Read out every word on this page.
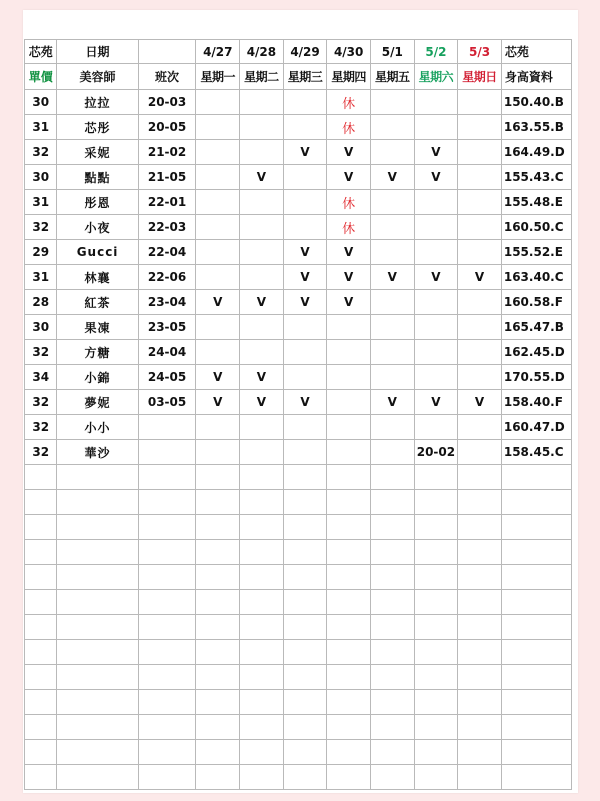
芯苑	日期		4/27	4/28	4/29	4/30	5/1	5/2	5/3	芯苑
單價	美容師	班次	星期一	星期二	星期三	星期四	星期五	星期六	星期日	身高資料
30	拉拉	20-03				休				150.40.B
31	芯彤	20-05				休				163.55.B
32	采妮	21-02			V	V		V		164.49.D
30	點點	21-05		V		V	V	V		155.43.C
31	彤恩	22-01				休				155.48.E
32	小夜	22-03				休				160.50.C
29	Gucci	22-04			V	V				155.52.E
31	林襄	22-06			V	V	V	V	V	163.40.C
28	紅茶	23-04	V	V	V	V				160.58.F
30	果凍	23-05								165.47.B
32	方糖	24-04								162.45.D
34	小錦	24-05	V	V						170.55.D
32	夢妮	03-05	V	V	V		V	V	V	158.40.F
32	小小									160.47.D
32	華沙							20-02		158.45.C
